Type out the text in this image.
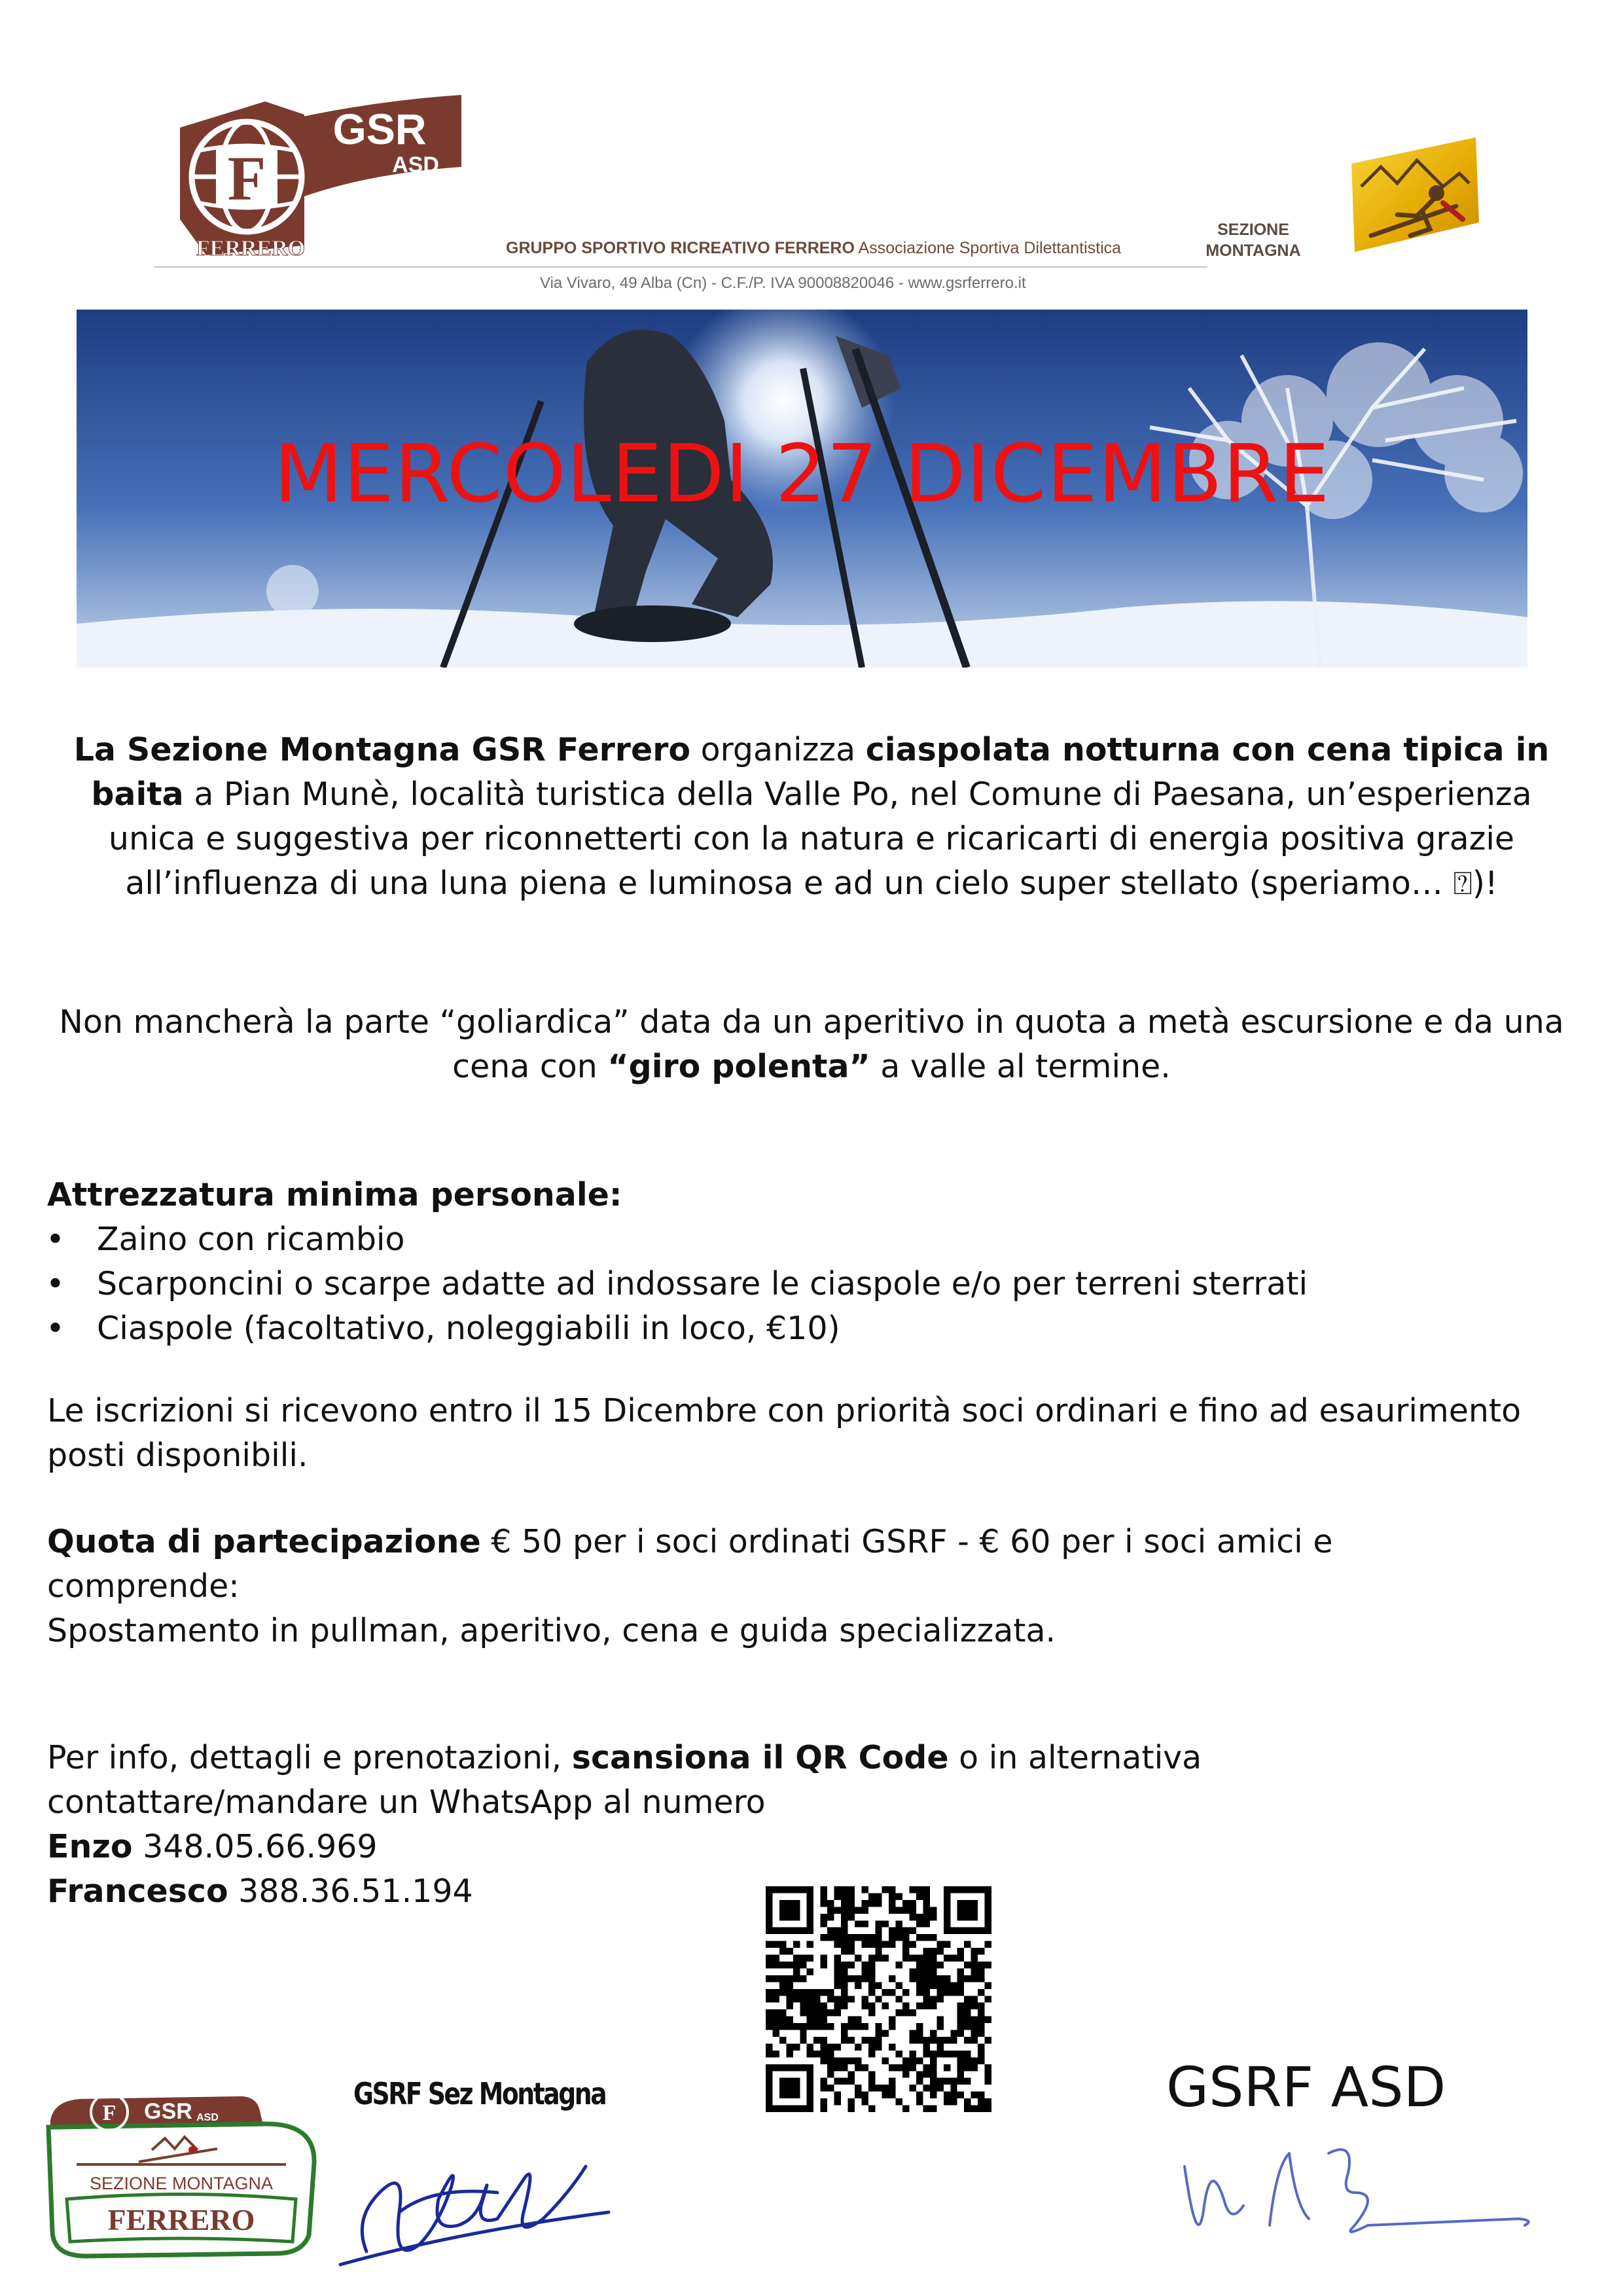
F
GSR
ASD
FERRERO	GRUPPO SPORTIVO RICREATIVO FERRERO Associazione Sportiva Dilettantistica
Via Vivaro, 49 Alba (Cn) - C.F./P. IVA 90008820046 - www.gsrferrero.it
SEZIONE
MONTAGNA
MERCOLEDI 27 DICEMBRE
La Sezione Montagna GSR Ferrero organizza ciaspolata notturna con cena tipica in baita a Pian Munè, località turistica della Valle Po, nel Comune di Paesana, un’esperienza unica e suggestiva per riconnetterti con la natura e ricaricarti di energia positiva grazie all’influenza di una luna piena e luminosa e ad un cielo super stellato (speriamo… ⍰)!
Non mancherà la parte “goliardica” data da un aperitivo in quota a metà escursione e da una cena con “giro polenta” a valle al termine.
Attrezzatura minima personale:
• Zaino con ricambio
• Scarponcini o scarpe adatte ad indossare le ciaspole e/o per terreni sterrati
• Ciaspole (facoltativo, noleggiabili in loco, €10)
Le iscrizioni si ricevono entro il 15 Dicembre con priorità soci ordinari e fino ad esaurimento posti disponibili.
Quota di partecipazione € 50 per i soci ordinati GSRF - € 60 per i soci amici e comprende:
Spostamento in pullman, aperitivo, cena e guida specializzata.
Per info, dettagli e prenotazioni, scansiona il QR Code o in alternativa contattare/mandare un WhatsApp al numero
Enzo 348.05.66.969
Francesco 388.36.51.194
F GSR ASD
SEZIONE MONTAGNA
FERRERO
GSRF Sez Montagna	GSRF ASD
